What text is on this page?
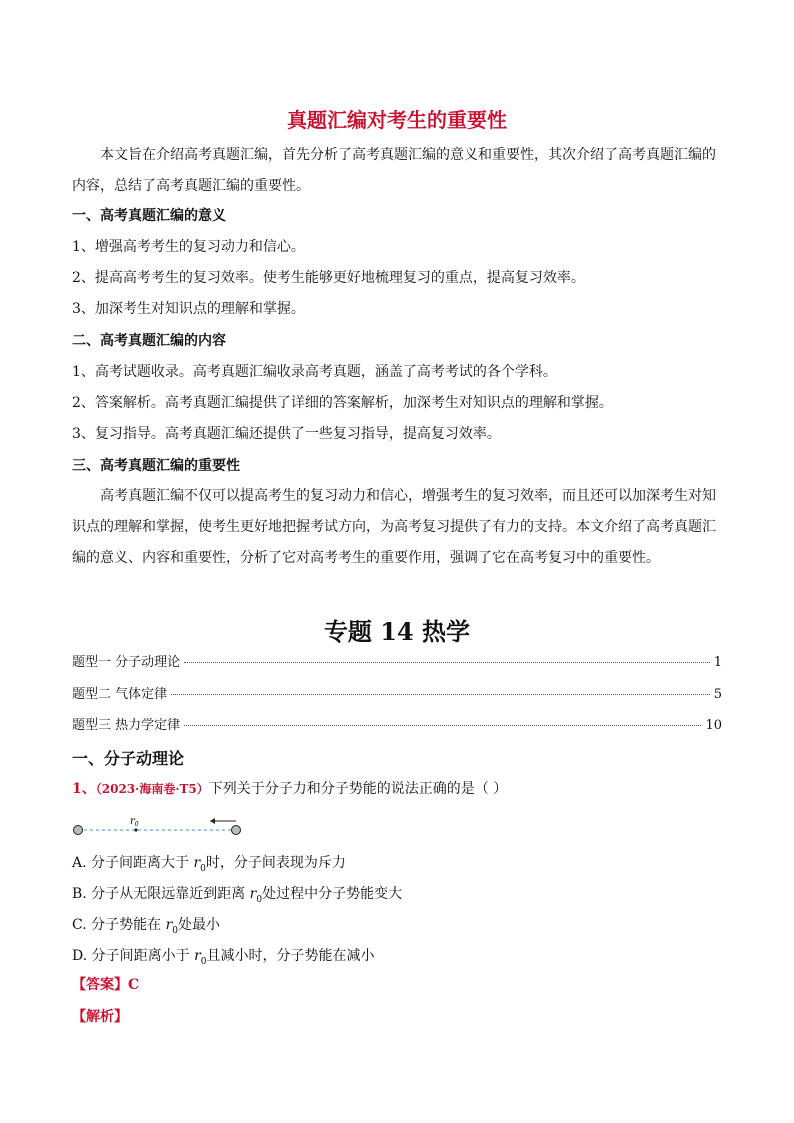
真题汇编对考生的重要性

本文旨在介绍高考真题汇编，首先分析了高考真题汇编的意义和重要性，其次介绍了高考真题汇编的内容，总结了高考真题汇编的重要性。

一、高考真题汇编的意义
1、增强高考考生的复习动力和信心。
2、提高高考考生的复习效率。使考生能够更好地梳理复习的重点，提高复习效率。
3、加深考生对知识点的理解和掌握。
二、高考真题汇编的内容
1、高考试题收录。高考真题汇编收录高考真题，涵盖了高考考试的各个学科。
2、答案解析。高考真题汇编提供了详细的答案解析，加深考生对知识点的理解和掌握。
3、复习指导。高考真题汇编还提供了一些复习指导，提高复习效率。
三、高考真题汇编的重要性

高考真题汇编不仅可以提高考生的复习动力和信心，增强考生的复习效率，而且还可以加深考生对知识点的理解和掌握，使考生更好地把握考试方向，为高考复习提供了有力的支持。本文介绍了高考真题汇编的意义、内容和重要性，分析了它对高考考生的重要作用，强调了它在高考复习中的重要性。

专题 14 热学
题型一 分子动理论	1
题型二 气体定律	5
题型三 热力学定律	10
一、分子动理论
1、（2023·海南卷·T5）下列关于分子力和分子势能的说法正确的是（ ）
$r_0$
A. 分子间距离大于 $r_0$时，分子间表现为斥力
B. 分子从无限远靠近到距离 $r_0$处过程中分子势能变大
C. 分子势能在 $r_0$处最小
D. 分子间距离小于 $r_0$且减小时，分子势能在减小
【答案】C
【解析】
